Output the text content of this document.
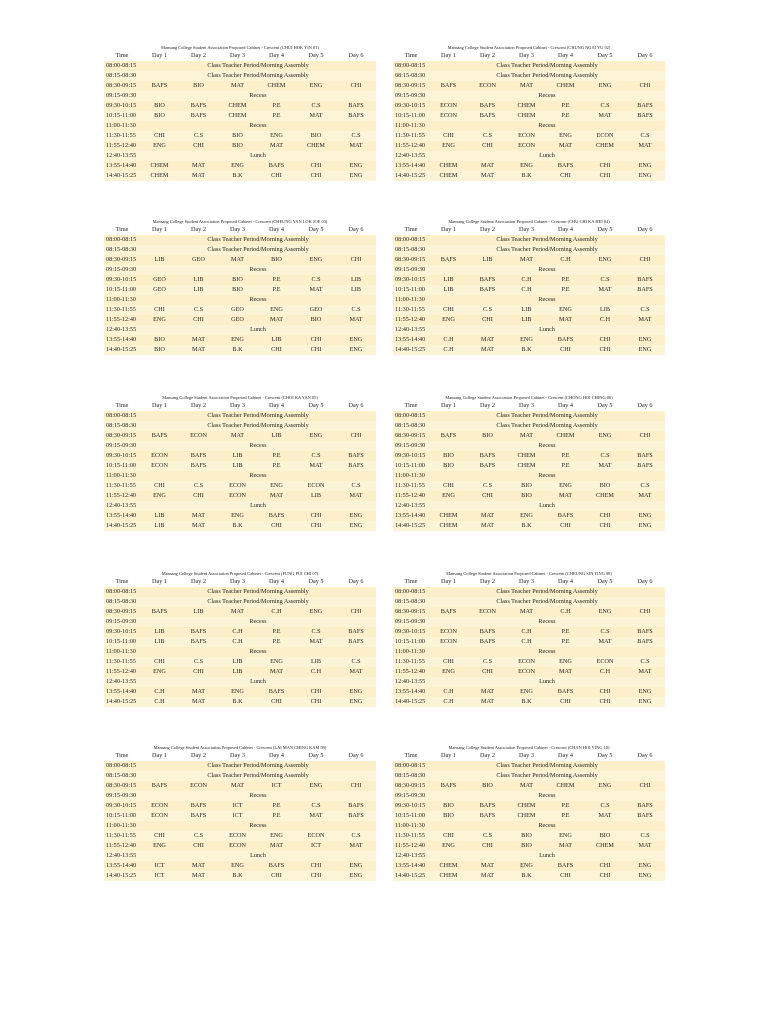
Mansang College Student Association Proposed Cabinet - Crescent (CHUI HOK YIN 01)
Time	Day 1	Day 2	Day 3	Day 4	Day 5	Day 6
08:00-08:15	Class Teacher Period/Morning Assembly					
08:15-08:30	Class Teacher Period/Morning Assembly					
08:30-09:15	BAFS	BIO	MAT	CHEM	ENG	CHI
09:15-09:30	Recess					
09:30-10:15	BIO	BAFS	CHEM	P.E	C.S	BAFS
10:15-11:00	BIO	BAFS	CHEM	P.E	MAT	BAFS
11:00-11:30	Recess					
11:30-11:55	CHI	C.S	BIO	ENG	BIO	C.S
11:55-12:40	ENG	CHI	BIO	MAT	CHEM	MAT
12:40-13:55	Lunch					
13:55-14:40	CHEM	MAT	ENG	BAFS	CHI	ENG
14:40-15:25	CHEM	MAT	B.K	CHI	CHI	ENG
Mansang College Student Association Proposed Cabinet - Crescent (CHUNG NGAI YU 02)
Time	Day 1	Day 2	Day 3	Day 4	Day 5	Day 6
08:00-08:15	Class Teacher Period/Morning Assembly					
08:15-08:30	Class Teacher Period/Morning Assembly					
08:30-09:15	BAFS	ECON	MAT	CHEM	ENG	CHI
09:15-09:30	Recess					
09:30-10:15	ECON	BAFS	CHEM	P.E	C.S	BAFS
10:15-11:00	ECON	BAFS	CHEM	P.E	MAT	BAFS
11:00-11:30	Recess					
11:30-11:55	CHI	C.S	ECON	ENG	ECON	C.S
11:55-12:40	ENG	CHI	ECON	MAT	CHEM	MAT
12:40-13:55	Lunch					
13:55-14:40	CHEM	MAT	ENG	BAFS	CHI	ENG
14:40-15:25	CHEM	MAT	B.K	CHI	CHI	ENG
Mansang College Student Association Proposed Cabinet - Crescent (CHEUNG YAN LOK JOE 03)
Time	Day 1	Day 2	Day 3	Day 4	Day 5	Day 6
08:00-08:15	Class Teacher Period/Morning Assembly					
08:15-08:30	Class Teacher Period/Morning Assembly					
08:30-09:15	LIB	GEO	MAT	BIO	ENG	CHI
09:15-09:30	Recess					
09:30-10:15	GEO	LIB	BIO	P.E	C.S	LIB
10:15-11:00	GEO	LIB	BIO	P.E	MAT	LIB
11:00-11:30	Recess					
11:30-11:55	CHI	C.S	GEO	ENG	GEO	C.S
11:55-12:40	ENG	CHI	GEO	MAT	BIO	MAT
12:40-13:55	Lunch					
13:55-14:40	BIO	MAT	ENG	LIB	CHI	ENG
14:40-15:25	BIO	MAT	B.K	CHI	CHI	ENG
Mansang College Student Association Proposed Cabinet - Crescent (CHU CHI KA HEI 04)
Time	Day 1	Day 2	Day 3	Day 4	Day 5	Day 6
08:00-08:15	Class Teacher Period/Morning Assembly					
08:15-08:30	Class Teacher Period/Morning Assembly					
08:30-09:15	BAFS	LIB	MAT	C.H	ENG	CHI
09:15-09:30	Recess					
09:30-10:15	LIB	BAFS	C.H	P.E	C.S	BAFS
10:15-11:00	LIB	BAFS	C.H	P.E	MAT	BAFS
11:00-11:30	Recess					
11:30-11:55	CHI	C.S	LIB	ENG	LIB	C.S
11:55-12:40	ENG	CHI	LIB	MAT	C.H	MAT
12:40-13:55	Lunch					
13:55-14:40	C.H	MAT	ENG	BAFS	CHI	ENG
14:40-15:25	C.H	MAT	B.K	CHI	CHI	ENG
Mansang College Student Association Proposed Cabinet - Crescent (CHOI KA YAN 05)
Time	Day 1	Day 2	Day 3	Day 4	Day 5	Day 6
08:00-08:15	Class Teacher Period/Morning Assembly					
08:15-08:30	Class Teacher Period/Morning Assembly					
08:30-09:15	BAFS	ECON	MAT	LIB	ENG	CHI
09:15-09:30	Recess					
09:30-10:15	ECON	BAFS	LIB	P.E	C.S	BAFS
10:15-11:00	ECON	BAFS	LIB	P.E	MAT	BAFS
11:00-11:30	Recess					
11:30-11:55	CHI	C.S	ECON	ENG	ECON	C.S
11:55-12:40	ENG	CHI	ECON	MAT	LIB	MAT
12:40-13:55	Lunch					
13:55-14:40	LIB	MAT	ENG	BAFS	CHI	ENG
14:40-15:25	LIB	MAT	B.K	CHI	CHI	ENG
Mansang College Student Association Proposed Cabinet - Crescent (CHONG HOI CHING 06)
Time	Day 1	Day 2	Day 3	Day 4	Day 5	Day 6
08:00-08:15	Class Teacher Period/Morning Assembly					
08:15-08:30	Class Teacher Period/Morning Assembly					
08:30-09:15	BAFS	BIO	MAT	CHEM	ENG	CHI
09:15-09:30	Recess					
09:30-10:15	BIO	BAFS	CHEM	P.E	C.S	BAFS
10:15-11:00	BIO	BAFS	CHEM	P.E	MAT	BAFS
11:00-11:30	Recess					
11:30-11:55	CHI	C.S	BIO	ENG	BIO	C.S
11:55-12:40	ENG	CHI	BIO	MAT	CHEM	MAT
12:40-13:55	Lunch					
13:55-14:40	CHEM	MAT	ENG	BAFS	CHI	ENG
14:40-15:25	CHEM	MAT	B.K	CHI	CHI	ENG
Mansang College Student Association Proposed Cabinet - Crescent (FUNG PUI CHI 07)
Time	Day 1	Day 2	Day 3	Day 4	Day 5	Day 6
08:00-08:15	Class Teacher Period/Morning Assembly					
08:15-08:30	Class Teacher Period/Morning Assembly					
08:30-09:15	BAFS	LIB	MAT	C.H	ENG	CHI
09:15-09:30	Recess					
09:30-10:15	LIB	BAFS	C.H	P.E	C.S	BAFS
10:15-11:00	LIB	BAFS	C.H	P.E	MAT	BAFS
11:00-11:30	Recess					
11:30-11:55	CHI	C.S	LIB	ENG	LIB	C.S
11:55-12:40	ENG	CHI	LIB	MAT	C.H	MAT
12:40-13:55	Lunch					
13:55-14:40	C.H	MAT	ENG	BAFS	CHI	ENG
14:40-15:25	C.H	MAT	B.K	CHI	CHI	ENG
Mansang College Student Association Proposed Cabinet - Crescent (CHEUNG SIN TING 08)
Time	Day 1	Day 2	Day 3	Day 4	Day 5	Day 6
08:00-08:15	Class Teacher Period/Morning Assembly					
08:15-08:30	Class Teacher Period/Morning Assembly					
08:30-09:15	BAFS	ECON	MAT	C.H	ENG	CHI
09:15-09:30	Recess					
09:30-10:15	ECON	BAFS	C.H	P.E	C.S	BAFS
10:15-11:00	ECON	BAFS	C.H	P.E	MAT	BAFS
11:00-11:30	Recess					
11:30-11:55	CHI	C.S	ECON	ENG	ECON	C.S
11:55-12:40	ENG	CHI	ECON	MAT	C.H	MAT
12:40-13:55	Lunch					
13:55-14:40	C.H	MAT	ENG	BAFS	CHI	ENG
14:40-15:25	C.H	MAT	B.K	CHI	CHI	ENG
Mansang College Student Association Proposed Cabinet - Crescent (LAI MAN CHING KAM 09)
Time	Day 1	Day 2	Day 3	Day 4	Day 5	Day 6
08:00-08:15	Class Teacher Period/Morning Assembly					
08:15-08:30	Class Teacher Period/Morning Assembly					
08:30-09:15	BAFS	ECON	MAT	ICT	ENG	CHI
09:15-09:30	Recess					
09:30-10:15	ECON	BAFS	ICT	P.E	C.S	BAFS
10:15-11:00	ECON	BAFS	ICT	P.E	MAT	BAFS
11:00-11:30	Recess					
11:30-11:55	CHI	C.S	ECON	ENG	ECON	C.S
11:55-12:40	ENG	CHI	ECON	MAT	ICT	MAT
12:40-13:55	Lunch					
13:55-14:40	ICT	MAT	ENG	BAFS	CHI	ENG
14:40-15:25	ICT	MAT	B.K	CHI	CHI	ENG
Mansang College Student Association Proposed Cabinet - Crescent (CHAN HOI YING 10)
Time	Day 1	Day 2	Day 3	Day 4	Day 5	Day 6
08:00-08:15	Class Teacher Period/Morning Assembly					
08:15-08:30	Class Teacher Period/Morning Assembly					
08:30-09:15	BAFS	BIO	MAT	CHEM	ENG	CHI
09:15-09:30	Recess					
09:30-10:15	BIO	BAFS	CHEM	P.E	C.S	BAFS
10:15-11:00	BIO	BAFS	CHEM	P.E	MAT	BAFS
11:00-11:30	Recess					
11:30-11:55	CHI	C.S	BIO	ENG	BIO	C.S
11:55-12:40	ENG	CHI	BIO	MAT	CHEM	MAT
12:40-13:55	Lunch					
13:55-14:40	CHEM	MAT	ENG	BAFS	CHI	ENG
14:40-15:25	CHEM	MAT	B.K	CHI	CHI	ENG
